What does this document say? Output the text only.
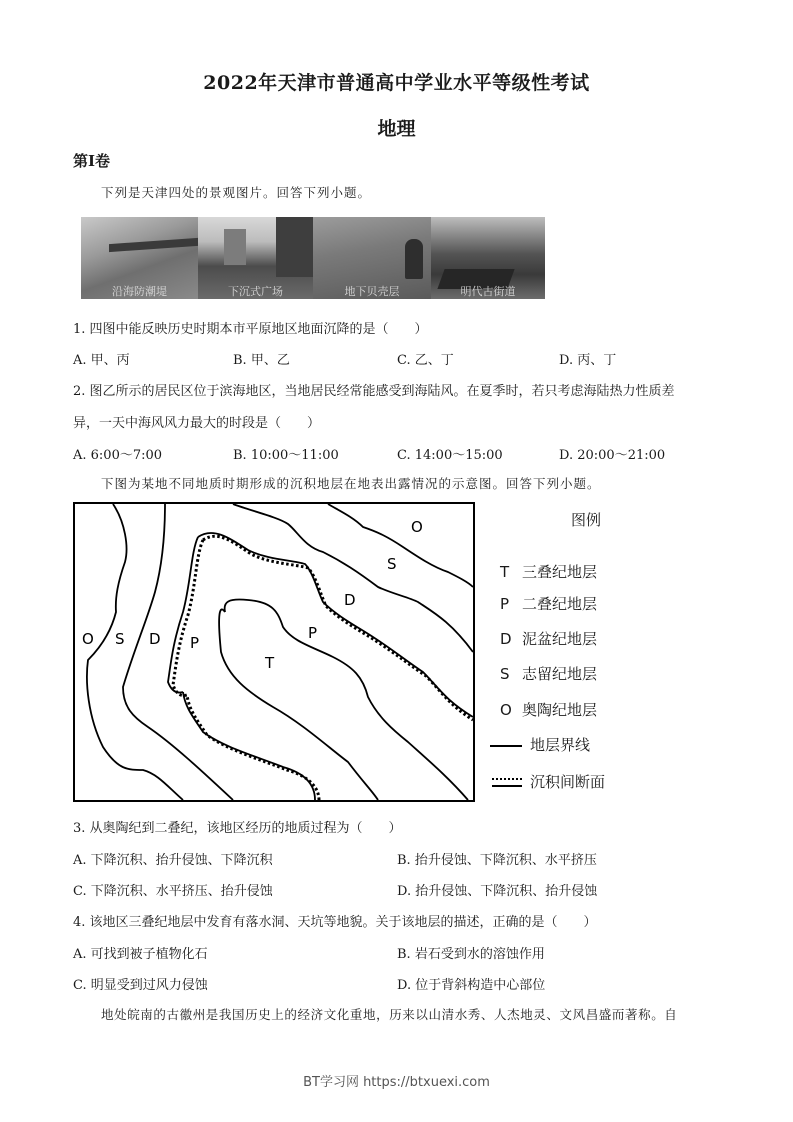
2022年天津市普通高中学业水平等级性考试
地理
第Ⅰ卷
下列是天津四处的景观图片。回答下列小题。
沿海防潮堤	下沉式广场	地下贝壳层	明代古街道
1. 四图中能反映历史时期本市平原地区地面沉降的是（　　）
A. 甲、丙	B. 甲、乙	C. 乙、丁	D. 丙、丁
2. 图乙所示的居民区位于滨海地区，当地居民经常能感受到海陆风。在夏季时，若只考虑海陆热力性质差
异，一天中海风风力最大的时段是（　　）
A. 6:00～7:00	B. 10:00～11:00	C. 14:00～15:00	D. 20:00～21:00
下图为某地不同地质时期形成的沉积地层在地表出露情况的示意图。回答下列小题。
O S D P
T
P
D
S
O	图例
T 三叠纪地层
P 二叠纪地层
D 泥盆纪地层
S 志留纪地层
O 奥陶纪地层
地层界线
沉积间断面
3. 从奥陶纪到二叠纪，该地区经历的地质过程为（　　）
A. 下降沉积、抬升侵蚀、下降沉积	B. 抬升侵蚀、下降沉积、水平挤压
C. 下降沉积、水平挤压、抬升侵蚀	D. 抬升侵蚀、下降沉积、抬升侵蚀
4. 该地区三叠纪地层中发育有落水洞、天坑等地貌。关于该地层的描述，正确的是（　　）
A. 可找到被子植物化石	B. 岩石受到水的溶蚀作用
C. 明显受到过风力侵蚀	D. 位于背斜构造中心部位
地处皖南的古徽州是我国历史上的经济文化重地，历来以山清水秀、人杰地灵、文风昌盛而著称。自
BT学习网 https://btxuexi.com
